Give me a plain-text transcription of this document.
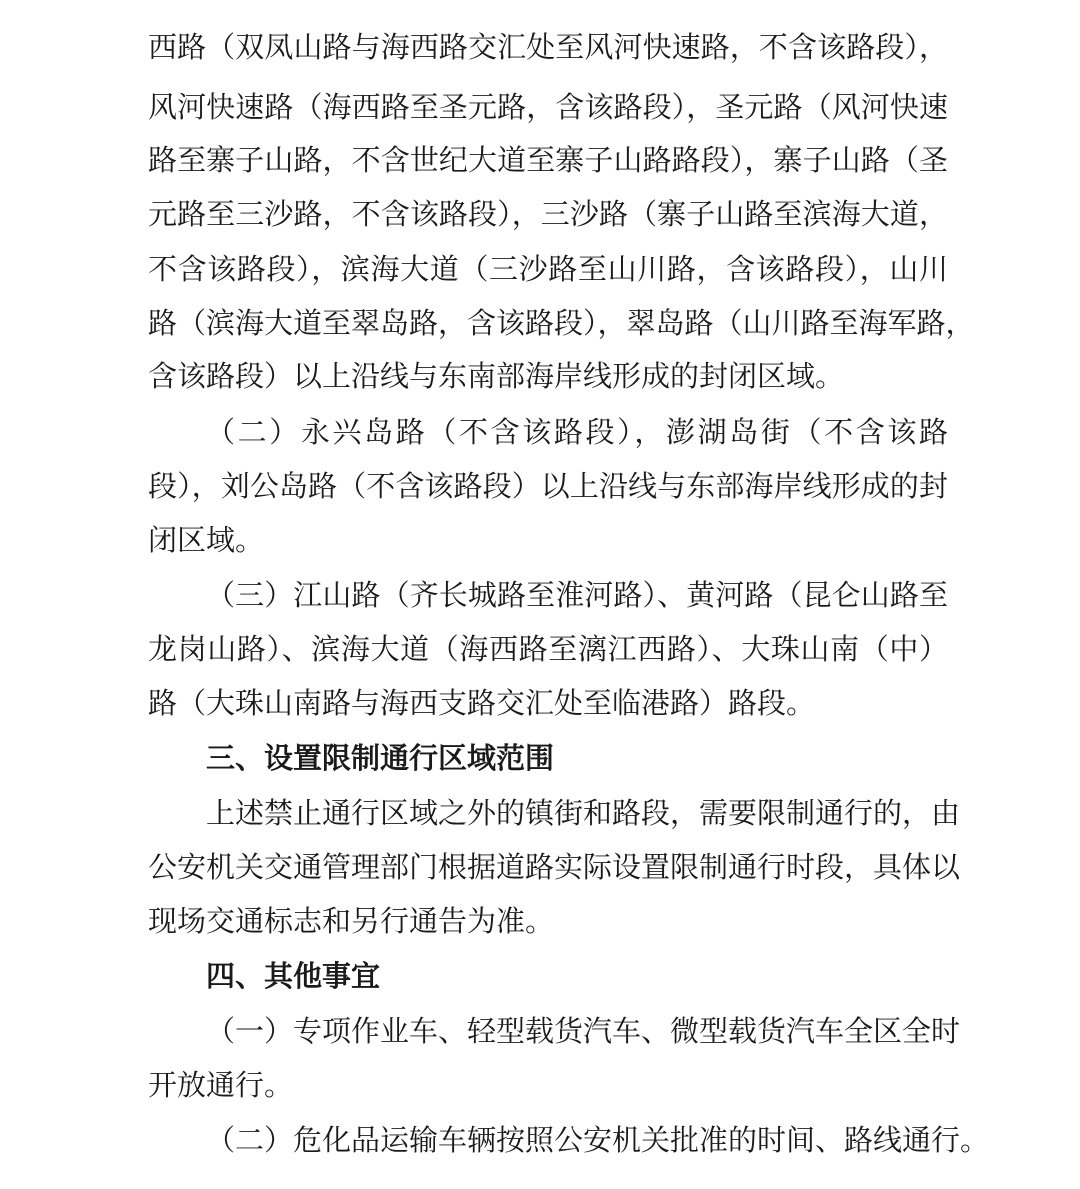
西路（双凤山路与海西路交汇处至风河快速路，不含该路段），
风河快速路（海西路至圣元路，含该路段），圣元路（风河快速
路至寨子山路，不含世纪大道至寨子山路路段），寨子山路（圣
元路至三沙路，不含该路段），三沙路（寨子山路至滨海大道，
不含该路段），滨海大道（三沙路至山川路，含该路段），山川
路（滨海大道至翠岛路，含该路段），翠岛路（山川路至海军路，
含该路段）以上沿线与东南部海岸线形成的封闭区域。
（二）永兴岛路（不含该路段），澎湖岛街（不含该路
段），刘公岛路（不含该路段）以上沿线与东部海岸线形成的封
闭区域。
（三）江山路（齐长城路至淮河路）、黄河路（昆仑山路至
龙岗山路）、滨海大道（海西路至漓江西路）、大珠山南（中）
路（大珠山南路与海西支路交汇处至临港路）路段。
三、设置限制通行区域范围
上述禁止通行区域之外的镇街和路段，需要限制通行的，由
公安机关交通管理部门根据道路实际设置限制通行时段，具体以
现场交通标志和另行通告为准。
四、其他事宜
（一）专项作业车、轻型载货汽车、微型载货汽车全区全时
开放通行。
（二）危化品运输车辆按照公安机关批准的时间、路线通行。
